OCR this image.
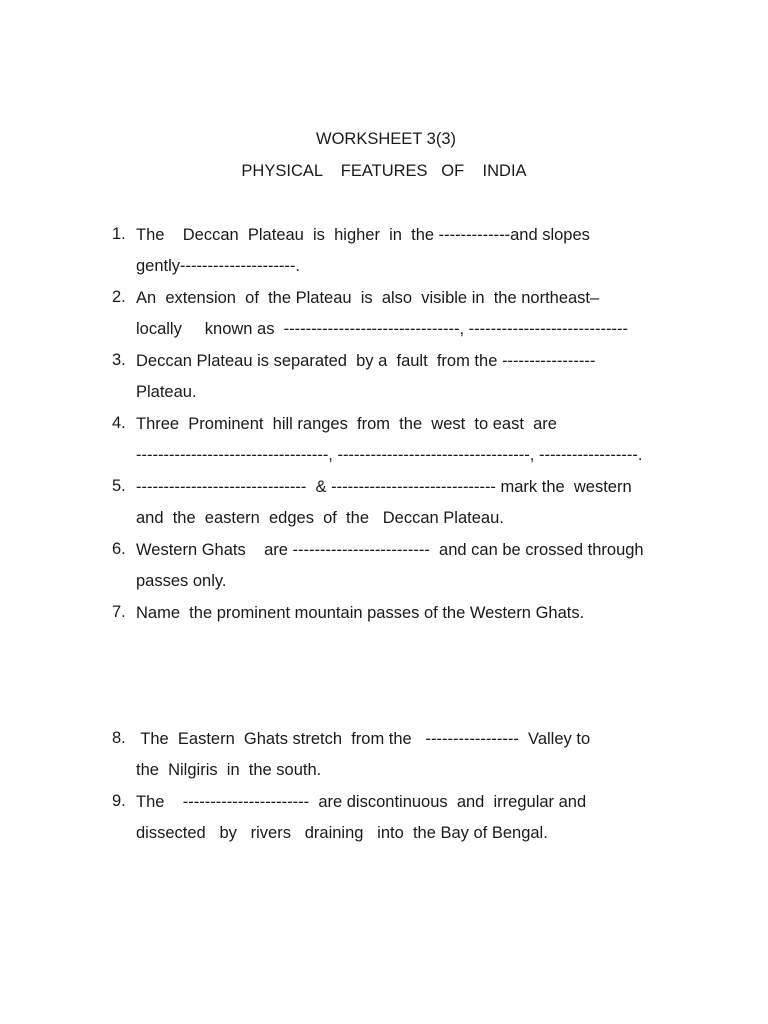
WORKSHEET 3(3)
PHYSICAL    FEATURES   OF    INDIA
1. The    Deccan  Plateau  is  higher  in  the -------------and slopes
gently---------------------.
2. An  extension  of  the Plateau  is  also  visible in  the northeast–
locally     known as  --------------------------------, -----------------------------
3. Deccan Plateau is separated  by a  fault  from the -----------------
Plateau.
4. Three  Prominent  hill ranges  from  the  west  to east  are
-----------------------------------, -----------------------------------, ------------------.
5. -------------------------------  & ------------------------------ mark the  western
and  the  eastern  edges  of  the   Deccan Plateau.
6. Western Ghats    are -------------------------  and can be crossed through
passes only.
7. Name  the prominent mountain passes of the Western Ghats.
8. The  Eastern  Ghats stretch  from the   -----------------  Valley to
the  Nilgiris  in  the south.
9. The    -----------------------  are discontinuous  and  irregular and
dissected   by   rivers   draining   into  the Bay of Bengal.
